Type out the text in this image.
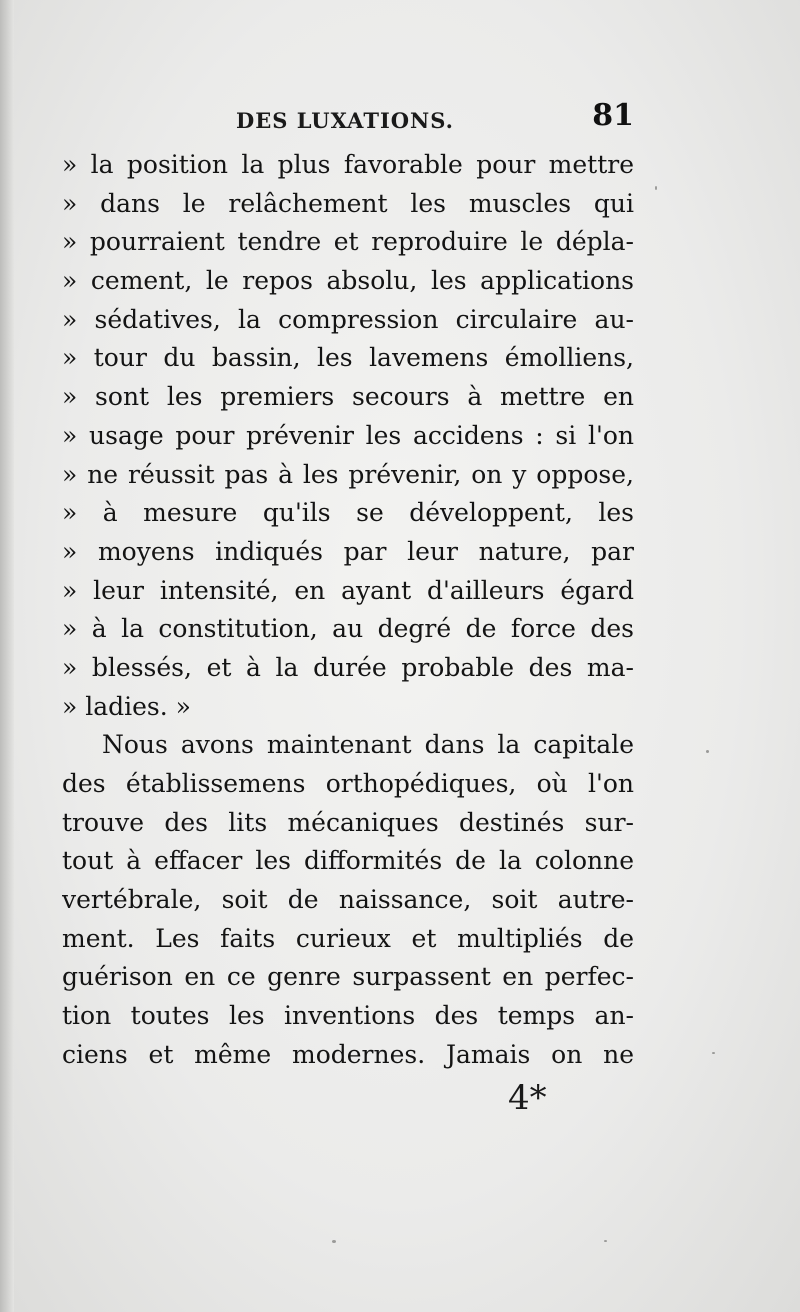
DES LUXATIONS.	81
» la position la plus favorable pour mettre
» dans le relâchement les muscles qui
» pourraient tendre et reproduire le dépla-
» cement, le repos absolu, les applications
» sédatives, la compression circulaire au-
» tour du bassin, les lavemens émolliens,
» sont les premiers secours à mettre en
» usage pour prévenir les accidens : si l'on
» ne réussit pas à les prévenir, on y oppose,
» à mesure qu'ils se développent, les
» moyens indiqués par leur nature, par
» leur intensité, en ayant d'ailleurs égard
» à la constitution, au degré de force des
» blessés, et à la durée probable des ma-
» ladies. »
Nous avons maintenant dans la capitale
des établissemens orthopédiques, où l'on
trouve des lits mécaniques destinés sur-
tout à effacer les difformités de la colonne
vertébrale, soit de naissance, soit autre-
ment. Les faits curieux et multipliés de
guérison en ce genre surpassent en perfec-
tion toutes les inventions des temps an-
ciens et même modernes. Jamais on ne
4*
